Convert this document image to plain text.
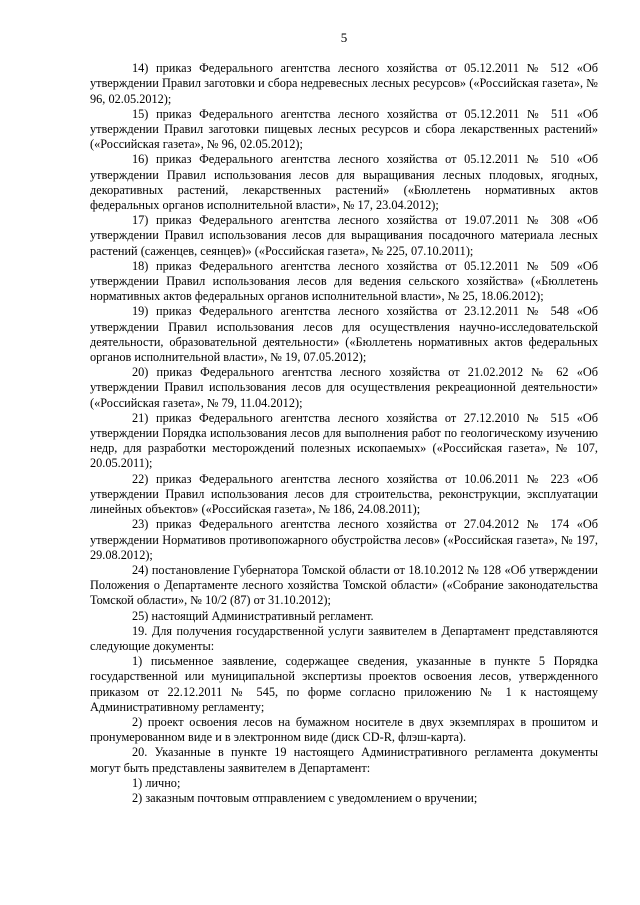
5

14) приказ Федерального агентства лесного хозяйства от 05.12.2011 № 512 «Об утверждении Правил заготовки и сбора недревесных лесных ресурсов» («Российская газета», № 96, 02.05.2012);

15) приказ Федерального агентства лесного хозяйства от 05.12.2011 № 511 «Об утверждении Правил заготовки пищевых лесных ресурсов и сбора лекарственных растений» («Российская газета», № 96, 02.05.2012);

16) приказ Федерального агентства лесного хозяйства от 05.12.2011 № 510 «Об утверждении Правил использования лесов для выращивания лесных плодовых, ягодных, декоративных растений, лекарственных растений» («Бюллетень нормативных актов федеральных органов исполнительной власти», № 17, 23.04.2012);

17) приказ Федерального агентства лесного хозяйства от 19.07.2011 № 308 «Об утверждении Правил использования лесов для выращивания посадочного материала лесных растений (саженцев, сеянцев)» («Российская газета», № 225, 07.10.2011);

18) приказ Федерального агентства лесного хозяйства от 05.12.2011 № 509 «Об утверждении Правил использования лесов для ведения сельского хозяйства» («Бюллетень нормативных актов федеральных органов исполнительной власти», № 25, 18.06.2012);

19) приказ Федерального агентства лесного хозяйства от 23.12.2011 № 548 «Об утверждении Правил использования лесов для осуществления научно-исследовательской деятельности, образовательной деятельности» («Бюллетень нормативных актов федеральных органов исполнительной власти», № 19, 07.05.2012);

20) приказ Федерального агентства лесного хозяйства от 21.02.2012 № 62 «Об утверждении Правил использования лесов для осуществления рекреационной деятельности» («Российская газета», № 79, 11.04.2012);

21) приказ Федерального агентства лесного хозяйства от 27.12.2010 № 515 «Об утверждении Порядка использования лесов для выполнения работ по геологическому изучению недр, для разработки месторождений полезных ископаемых» («Российская газета», № 107, 20.05.2011);

22) приказ Федерального агентства лесного хозяйства от 10.06.2011 № 223 «Об утверждении Правил использования лесов для строительства, реконструкции, эксплуатации линейных объектов» («Российская газета», № 186, 24.08.2011);

23) приказ Федерального агентства лесного хозяйства от 27.04.2012 № 174 «Об утверждении Нормативов противопожарного обустройства лесов» («Российская газета», № 197, 29.08.2012);

24) постановление Губернатора Томской области от 18.10.2012 № 128 «Об утверждении Положения о Департаменте лесного хозяйства Томской области» («Собрание законодательства Томской области», № 10/2 (87) от 31.10.2012);

25) настоящий Административный регламент.

19. Для получения государственной услуги заявителем в Департамент представляются следующие документы:

1) письменное заявление, содержащее сведения, указанные в пункте 5 Порядка государственной или муниципальной экспертизы проектов освоения лесов, утвержденного приказом от 22.12.2011 № 545, по форме согласно приложению № 1 к настоящему Административному регламенту;

2) проект освоения лесов на бумажном носителе в двух экземплярах в прошитом и пронумерованном виде и в электронном виде (диск CD-R, флэш-карта).

20. Указанные в пункте 19 настоящего Административного регламента документы могут быть представлены заявителем в Департамент:

1) лично;

2) заказным почтовым отправлением с уведомлением о вручении;
